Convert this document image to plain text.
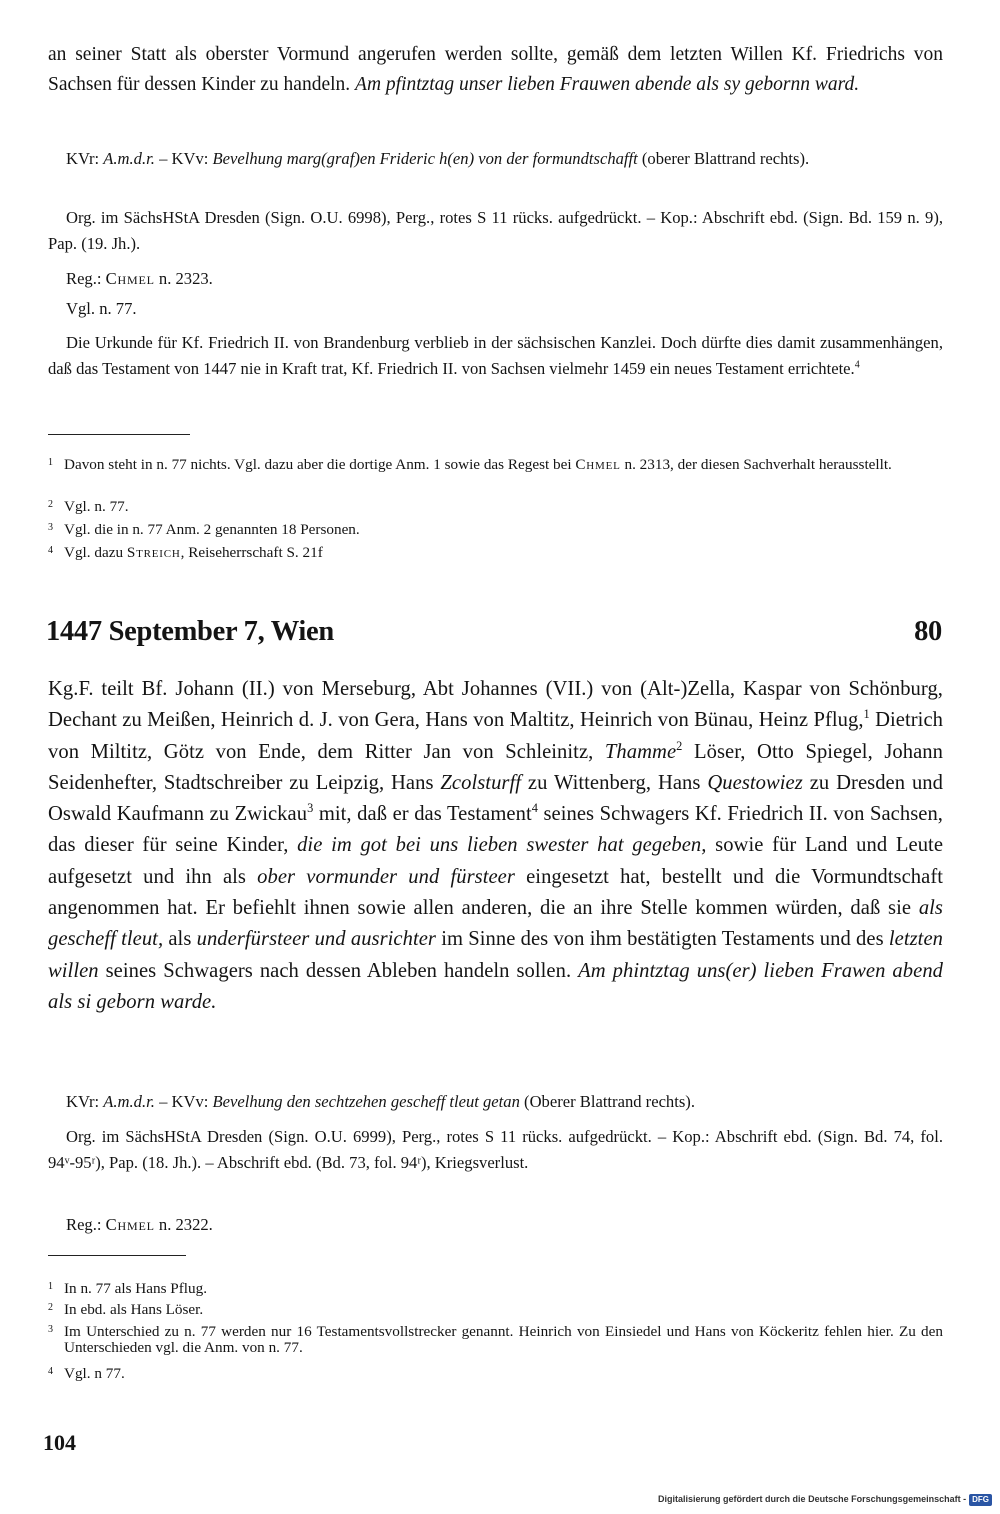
an seiner Statt als oberster Vormund angerufen werden sollte, gemäß dem letzten Willen Kf. Friedrichs von Sachsen für dessen Kinder zu handeln. Am pfintztag unser lieben Frauwen abende als sy gebornn ward.
KVr: A.m.d.r. – KVv: Bevelhung marg(graf)en Frideric h(en) von der formundtschafft (oberer Blattrand rechts).
Org. im SächsHStA Dresden (Sign. O.U. 6998), Perg., rotes S 11 rücks. aufgedrückt. – Kop.: Abschrift ebd. (Sign. Bd. 159 n. 9), Pap. (19. Jh.).
Reg.: Chmel n. 2323.
Vgl. n. 77.
Die Urkunde für Kf. Friedrich II. von Brandenburg verblieb in der sächsischen Kanzlei. Doch dürfte dies damit zusammenhängen, daß das Testament von 1447 nie in Kraft trat, Kf. Friedrich II. von Sachsen vielmehr 1459 ein neues Testament errichtete.$^4$
1 Davon steht in n. 77 nichts. Vgl. dazu aber die dortige Anm. 1 sowie das Regest bei Chmel n. 2313, der diesen Sachverhalt herausstellt.
2 Vgl. n. 77.
3 Vgl. die in n. 77 Anm. 2 genannten 18 Personen.
4 Vgl. dazu Streich, Reiseherrschaft S. 21f
1447 September 7, Wien	80
Kg.F. teilt Bf. Johann (II.) von Merseburg, Abt Johannes (VII.) von (Alt-)Zella, Kaspar von Schönburg, Dechant zu Meißen, Heinrich d. J. von Gera, Hans von Maltitz, Heinrich von Bünau, Heinz Pflug,$^1$ Dietrich von Miltitz, Götz von Ende, dem Ritter Jan von Schleinitz, Thamme$^2$ Löser, Otto Spiegel, Johann Seidenhefter, Stadtschreiber zu Leipzig, Hans Zcolsturff zu Wittenberg, Hans Questowiez zu Dresden und Oswald Kaufmann zu Zwickau$^3$ mit, daß er das Testament$^4$ seines Schwagers Kf. Friedrich II. von Sachsen, das dieser für seine Kinder, die im got bei uns lieben swester hat gegeben, sowie für Land und Leute aufgesetzt und ihn als ober vormunder und fürsteer eingesetzt hat, bestellt und die Vormundtschaft angenommen hat. Er befiehlt ihnen sowie allen anderen, die an ihre Stelle kommen würden, daß sie als gescheff tleut, als underfürsteer und ausrichter im Sinne des von ihm bestätigten Testaments und des letzten willen seines Schwagers nach dessen Ableben handeln sollen. Am phintztag uns(er) lieben Frawen abend als si geborn warde.
KVr: A.m.d.r. – KVv: Bevelhung den sechtzehen gescheff tleut getan (Oberer Blattrand rechts).
Org. im SächsHStA Dresden (Sign. O.U. 6999), Perg., rotes S 11 rücks. aufgedrückt. – Kop.: Abschrift ebd. (Sign. Bd. 74, fol. 94ᵛ-95ʳ), Pap. (18. Jh.). – Abschrift ebd. (Bd. 73, fol. 94ʳ), Kriegsverlust.
Reg.: Chmel n. 2322.
1 In n. 77 als Hans Pflug.
2 In ebd. als Hans Löser.
3 Im Unterschied zu n. 77 werden nur 16 Testamentsvollstrecker genannt. Heinrich von Einsiedel und Hans von Köckeritz fehlen hier. Zu den Unterschieden vgl. die Anm. von n. 77.
4 Vgl. n 77.
104
Digitalisierung gefördert durch die Deutsche Forschungsgemeinschaft - DFG
